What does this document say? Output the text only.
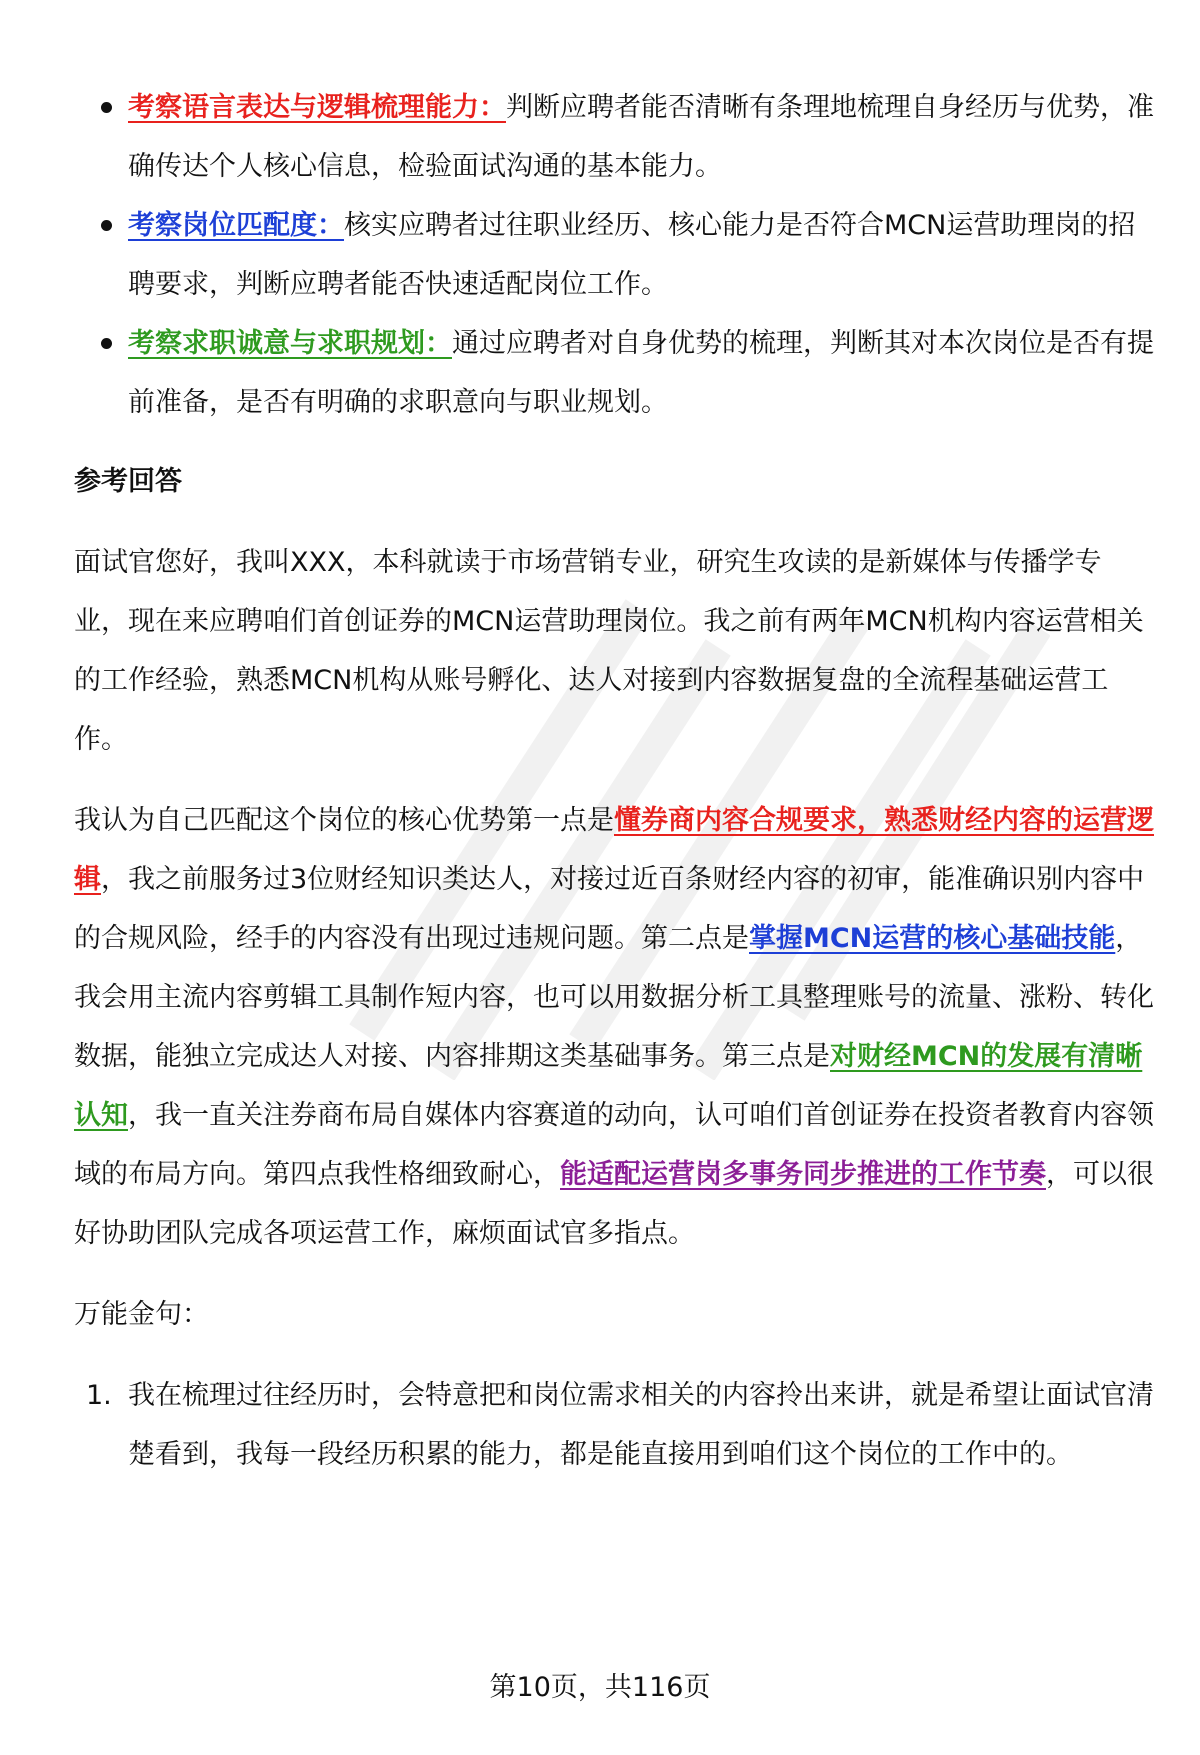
考察语言表达与逻辑梳理能力：判断应聘者能否清晰有条理地梳理自身经历与优势，准确传达个人核心信息，检验面试沟通的基本能力。
考察岗位匹配度：核实应聘者过往职业经历、核心能力是否符合MCN运营助理岗的招聘要求，判断应聘者能否快速适配岗位工作。
考察求职诚意与求职规划：通过应聘者对自身优势的梳理，判断其对本次岗位是否有提前准备，是否有明确的求职意向与职业规划。
参考回答

面试官您好，我叫XXX，本科就读于市场营销专业，研究生攻读的是新媒体与传播学专业，现在来应聘咱们首创证券的MCN运营助理岗位。我之前有两年MCN机构内容运营相关的工作经验，熟悉MCN机构从账号孵化、达人对接到内容数据复盘的全流程基础运营工作。

我认为自己匹配这个岗位的核心优势第一点是懂券商内容合规要求，熟悉财经内容的运营逻辑，我之前服务过3位财经知识类达人，对接过近百条财经内容的初审，能准确识别内容中的合规风险，经手的内容没有出现过违规问题。第二点是掌握MCN运营的核心基础技能，我会用主流内容剪辑工具制作短内容，也可以用数据分析工具整理账号的流量、涨粉、转化数据，能独立完成达人对接、内容排期这类基础事务。第三点是对财经MCN的发展有清晰认知，我一直关注券商布局自媒体内容赛道的动向，认可咱们首创证券在投资者教育内容领域的布局方向。第四点我性格细致耐心，能适配运营岗多事务同步推进的工作节奏，可以很好协助团队完成各项运营工作，麻烦面试官多指点。

万能金句：

1. 我在梳理过往经历时，会特意把和岗位需求相关的内容拎出来讲，就是希望让面试官清楚看到，我每一段经历积累的能力，都是能直接用到咱们这个岗位的工作中的。
第10页，共116页
